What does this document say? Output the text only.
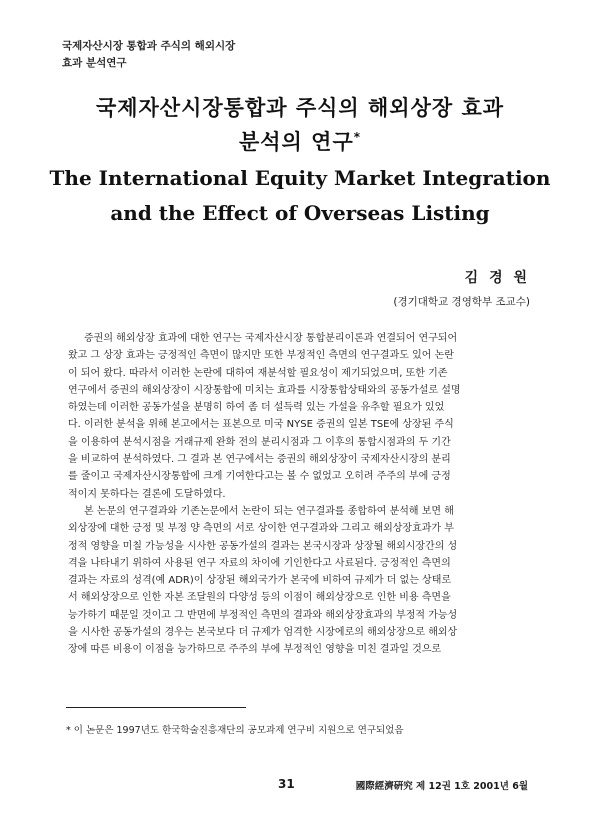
국제자산시장 통합과 주식의 해외시장
효과 분석연구
국제자산시장통합과 주식의 해외상장 효과
분석의 연구*
The International Equity Market Integration
and the Effect of Overseas Listing
김 경 원
(경기대학교 경영학부 조교수)

증권의 해외상장 효과에 대한 연구는 국제자산시장 통합분리이론과 연결되어 연구되어
왔고 그 상장 효과는 긍정적인 측면이 많지만 또한 부정적인 측면의 연구결과도 있어 논란
이 되어 왔다. 따라서 이러한 논란에 대하여 재분석할 필요성이 제기되었으며, 또한 기존
연구에서 증권의 해외상장이 시장통합에 미치는 효과를 시장통합상태와의 공동가설로 설명
하였는데 이러한 공동가설을 분명히 하여 좀 더 설득력 있는 가설을 유추할 필요가 있었
다. 이러한 분석을 위해 본고에서는 표본으로 미국 NYSE 증권의 일본 TSE에 상장된 주식
을 이용하여 분석시점을 거래규제 완화 전의 분리시점과 그 이후의 통합시점과의 두 기간
을 비교하여 분석하였다. 그 결과 본 연구에서는 증권의 해외상장이 국제자산시장의 분리
를 줄이고 국제자산시장통합에 크게 기여한다고는 볼 수 없었고 오히려 주주의 부에 긍정
적이지 못하다는 결론에 도달하였다.

본 논문의 연구결과와 기존논문에서 논란이 되는 연구결과를 종합하여 분석해 보면 해
외상장에 대한 긍정 및 부정 양 측면의 서로 상이한 연구결과와 그리고 해외상장효과가 부
정적 영향을 미칠 가능성을 시사한 공동가설의 결과는 본국시장과 상장될 해외시장간의 성
격을 나타내기 위하여 사용된 연구 자료의 차이에 기인한다고 사료된다. 긍정적인 측면의
결과는 자료의 성격(예 ADR)이 상장된 해외국가가 본국에 비하여 규제가 더 없는 상태로
서 해외상장으로 인한 자본 조달원의 다양성 등의 이점이 해외상장으로 인한 비용 측면을
능가하기 때문일 것이고 그 반면에 부정적인 측면의 결과와 해외상장효과의 부정적 가능성
을 시사한 공동가설의 경우는 본국보다 더 규제가 엄격한 시장에로의 해외상장으로 해외상
장에 따른 비용이 이점을 능가하므로 주주의 부에 부정적인 영향을 미친 결과일 것으로

* 이 논문은 1997년도 한국학술진흥재단의 공모과제 연구비 지원으로 연구되었음
31	國際經濟硏究 제 12권 1호 2001년 6월
